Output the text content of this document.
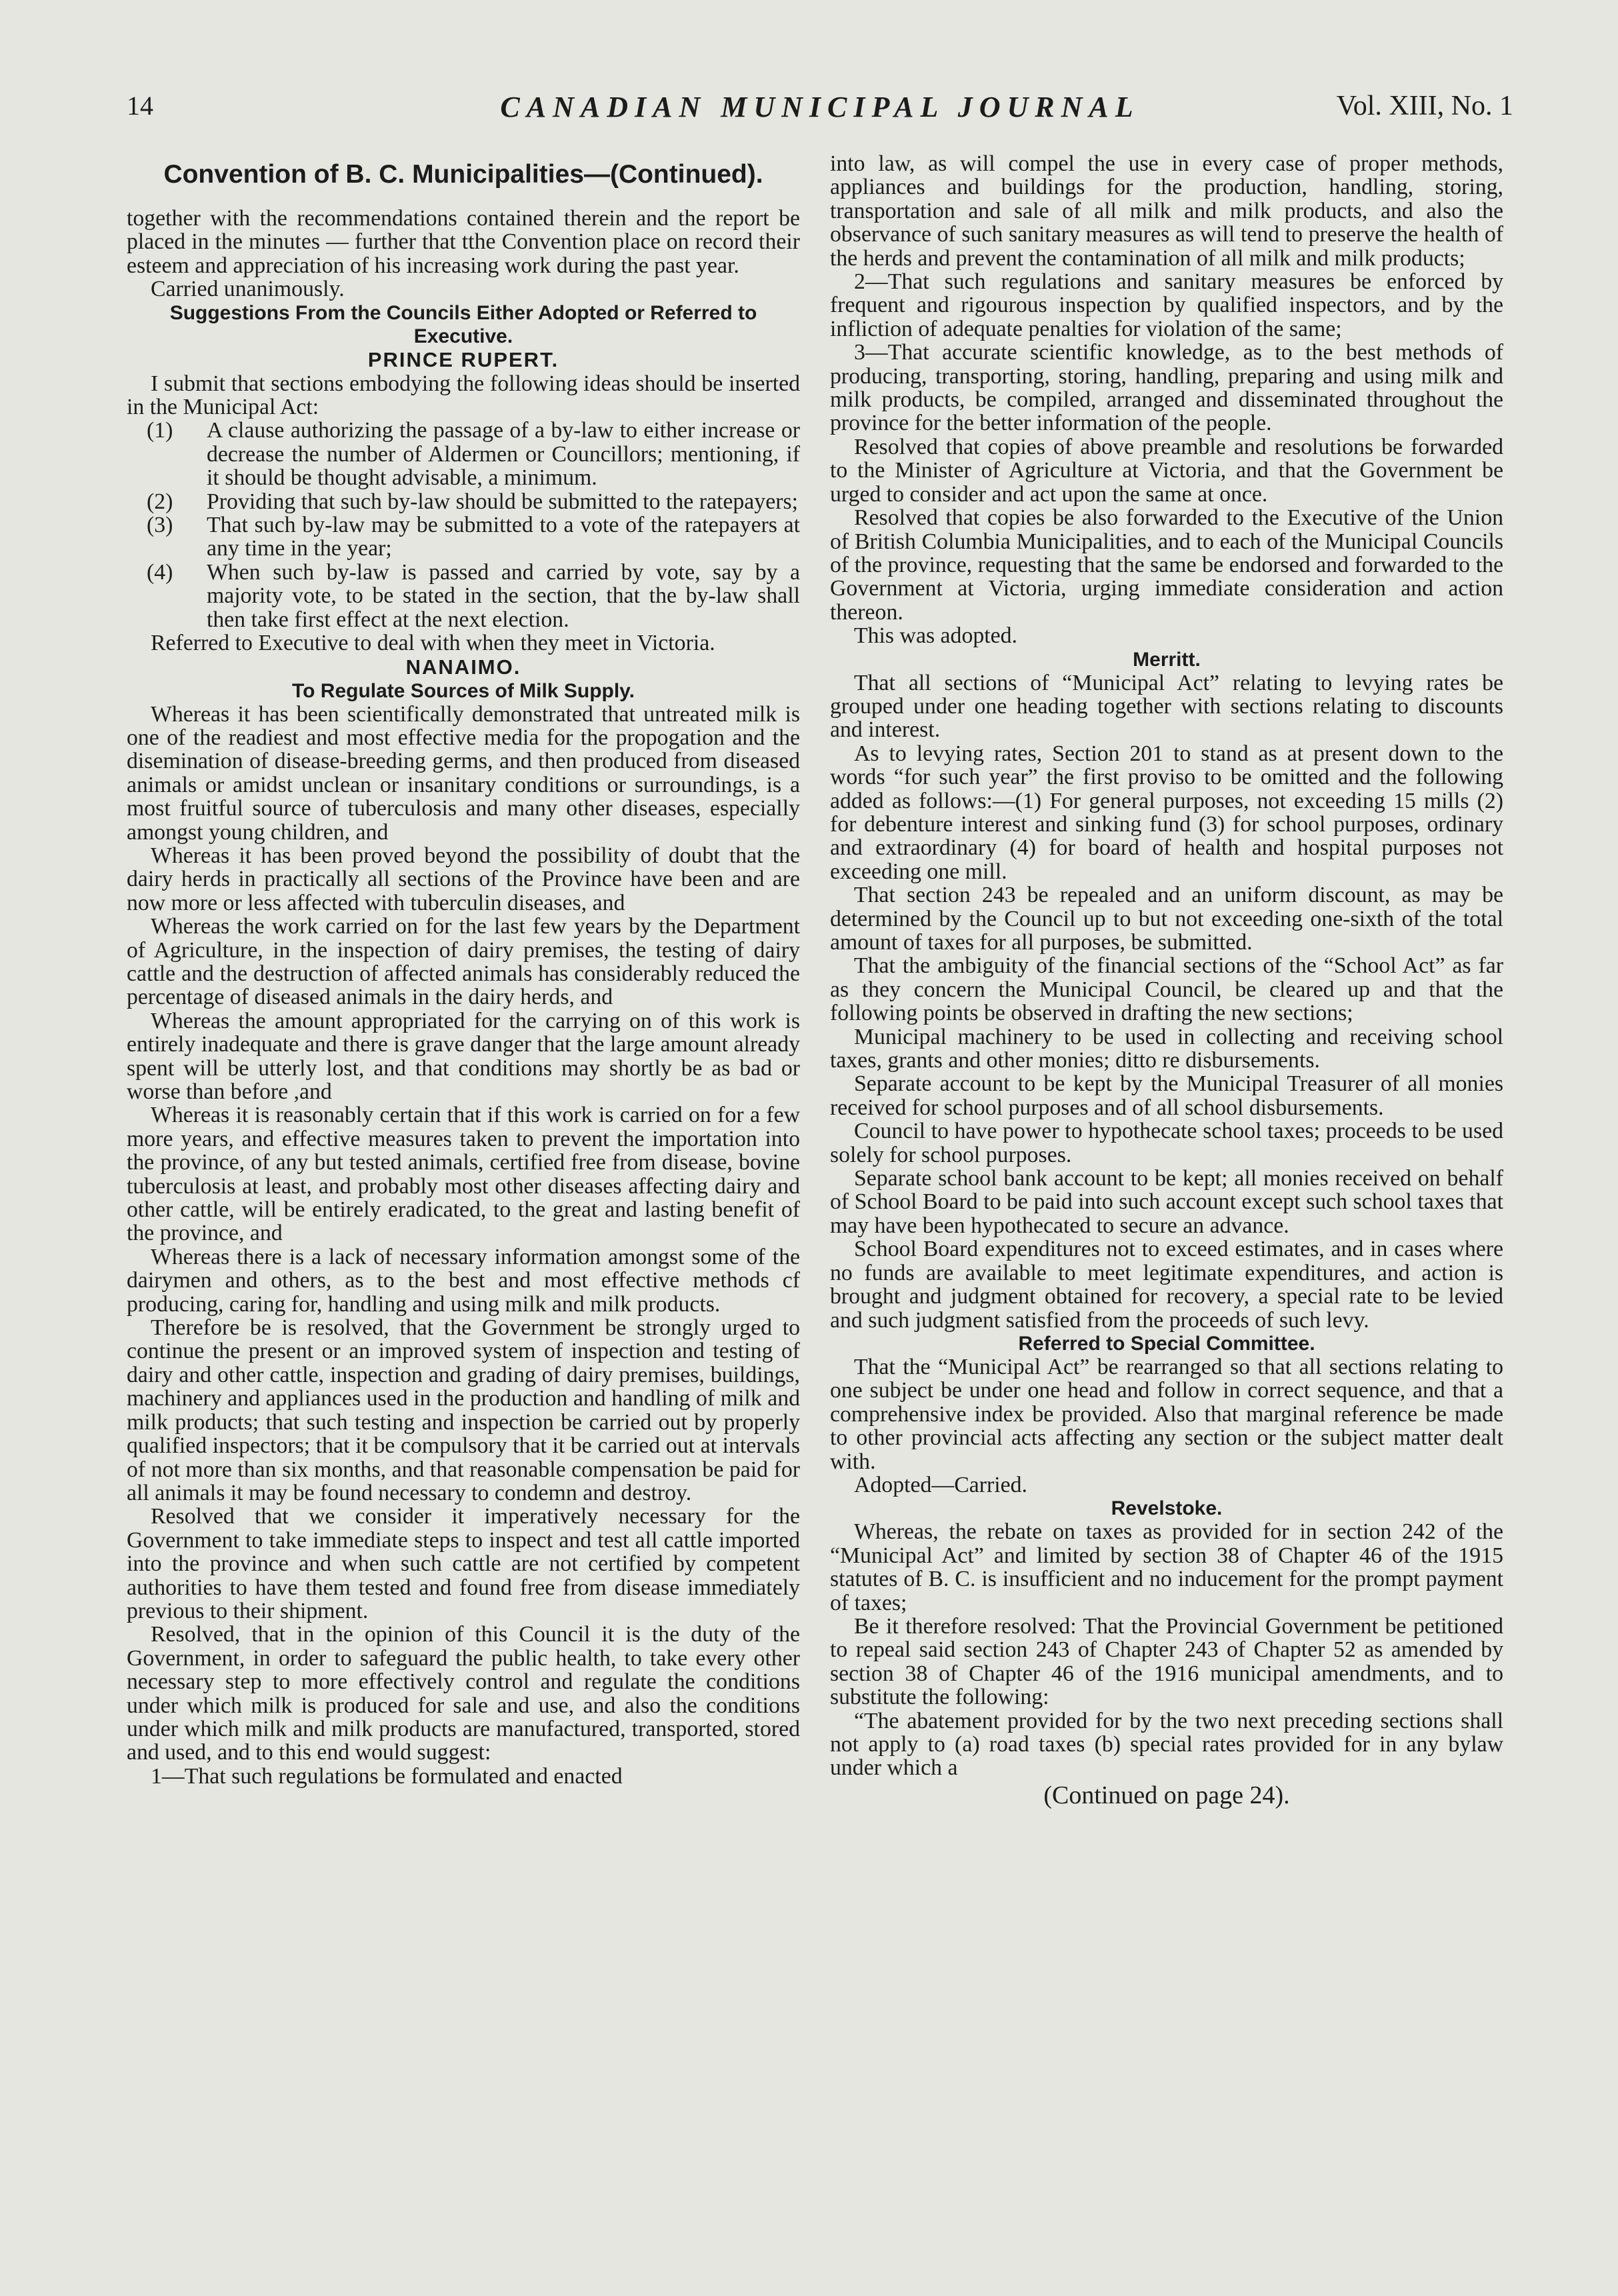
14	CANADIAN MUNICIPAL JOURNAL	Vol. XIII, No. 1
Convention of B. C. Municipalities—(Continued).

together with the recommendations contained therein and the report be placed in the minutes — further that tthe Convention place on record their esteem and appreciation of his increasing work during the past year.

Carried unanimously.

Suggestions From the Councils Either Adopted or Referred to Executive.
PRINCE RUPERT.

I submit that sections embodying the following ideas should be inserted in the Municipal Act:

(1)	A clause authorizing the passage of a by-law to either increase or decrease the number of Aldermen or Councillors; mentioning, if it should be thought advisable, a minimum.
(2)	Providing that such by-law should be submitted to the ratepayers;
(3)	That such by-law may be submitted to a vote of the ratepayers at any time in the year;
(4)	When such by-law is passed and carried by vote, say by a majority vote, to be stated in the section, that the by-law shall then take first effect at the next election.

Referred to Executive to deal with when they meet in Victoria.

NANAIMO.
To Regulate Sources of Milk Supply.

Whereas it has been scientifically demonstrated that untreated milk is one of the readiest and most effective media for the propogation and the disemination of disease-breeding germs, and then produced from diseased animals or amidst unclean or insanitary conditions or surroundings, is a most fruitful source of tuberculosis and many other diseases, especially amongst young children, and

Whereas it has been proved beyond the possibility of doubt that the dairy herds in practically all sections of the Province have been and are now more or less affected with tuberculin diseases, and

Whereas the work carried on for the last few years by the Department of Agriculture, in the inspection of dairy premises, the testing of dairy cattle and the destruction of affected animals has considerably reduced the percentage of diseased animals in the dairy herds, and

Whereas the amount appropriated for the carrying on of this work is entirely inadequate and there is grave danger that the large amount already spent will be utterly lost, and that conditions may shortly be as bad or worse than before ,and

Whereas it is reasonably certain that if this work is carried on for a few more years, and effective measures taken to prevent the importation into the province, of any but tested animals, certified free from disease, bovine tuberculosis at least, and probably most other diseases affecting dairy and other cattle, will be entirely eradicated, to the great and lasting benefit of the province, and

Whereas there is a lack of necessary information amongst some of the dairymen and others, as to the best and most effective methods cf producing, caring for, handling and using milk and milk products.

Therefore be is resolved, that the Government be strongly urged to continue the present or an improved system of inspection and testing of dairy and other cattle, inspection and grading of dairy premises, buildings, machinery and appliances used in the production and handling of milk and milk products; that such testing and inspection be carried out by properly qualified inspectors; that it be compulsory that it be carried out at intervals of not more than six months, and that reasonable compensation be paid for all animals it may be found necessary to condemn and destroy.

Resolved that we consider it imperatively necessary for the Government to take immediate steps to inspect and test all cattle imported into the province and when such cattle are not certified by competent authorities to have them tested and found free from disease immediately previous to their shipment.

Resolved, that in the opinion of this Council it is the duty of the Government, in order to safeguard the public health, to take every other necessary step to more effectively control and regulate the conditions under which milk is produced for sale and use, and also the conditions under which milk and milk products are manufactured, transported, stored and used, and to this end would suggest:

1—That such regulations be formulated and enacted

into law, as will compel the use in every case of proper methods, appliances and buildings for the production, handling, storing, transportation and sale of all milk and milk products, and also the observance of such sanitary measures as will tend to preserve the health of the herds and prevent the contamination of all milk and milk products;

2—That such regulations and sanitary measures be enforced by frequent and rigourous inspection by qualified inspectors, and by the infliction of adequate penalties for violation of the same;

3—That accurate scientific knowledge, as to the best methods of producing, transporting, storing, handling, preparing and using milk and milk products, be compiled, arranged and disseminated throughout the province for the better information of the people.

Resolved that copies of above preamble and resolutions be forwarded to the Minister of Agriculture at Victoria, and that the Government be urged to consider and act upon the same at once.

Resolved that copies be also forwarded to the Executive of the Union of British Columbia Municipalities, and to each of the Municipal Councils of the province, requesting that the same be endorsed and forwarded to the Government at Victoria, urging immediate consideration and action thereon.

This was adopted.

Merritt.

That all sections of “Municipal Act” relating to levying rates be grouped under one heading together with sections relating to discounts and interest.

As to levying rates, Section 201 to stand as at present down to the words “for such year” the first proviso to be omitted and the following added as follows:—(1) For general purposes, not exceeding 15 mills (2) for debenture interest and sinking fund (3) for school purposes, ordinary and extraordinary (4) for board of health and hospital purposes not exceeding one mill.

That section 243 be repealed and an uniform discount, as may be determined by the Council up to but not exceeding one-sixth of the total amount of taxes for all purposes, be submitted.

That the ambiguity of the financial sections of the “School Act” as far as they concern the Municipal Council, be cleared up and that the following points be observed in drafting the new sections;

Municipal machinery to be used in collecting and receiving school taxes, grants and other monies; ditto re disbursements.

Separate account to be kept by the Municipal Treasurer of all monies received for school purposes and of all school disbursements.

Council to have power to hypothecate school taxes; proceeds to be used solely for school purposes.

Separate school bank account to be kept; all monies received on behalf of School Board to be paid into such account except such school taxes that may have been hypothecated to secure an advance.

School Board expenditures not to exceed estimates, and in cases where no funds are available to meet legitimate expenditures, and action is brought and judgment obtained for recovery, a special rate to be levied and such judgment satisfied from the proceeds of such levy.

Referred to Special Committee.

That the “Municipal Act” be rearranged so that all sections relating to one subject be under one head and follow in correct sequence, and that a comprehensive index be provided. Also that marginal reference be made to other provincial acts affecting any section or the subject matter dealt with.

Adopted—Carried.

Revelstoke.

Whereas, the rebate on taxes as provided for in section 242 of the “Municipal Act” and limited by section 38 of Chapter 46 of the 1915 statutes of B. C. is insufficient and no inducement for the prompt payment of taxes;

Be it therefore resolved: That the Provincial Government be petitioned to repeal said section 243 of Chapter 243 of Chapter 52 as amended by section 38 of Chapter 46 of the 1916 municipal amendments, and to substitute the following:

“The abatement provided for by the two next preceding sections shall not apply to (a) road taxes (b) special rates provided for in any bylaw under which a

(Continued on page 24).
